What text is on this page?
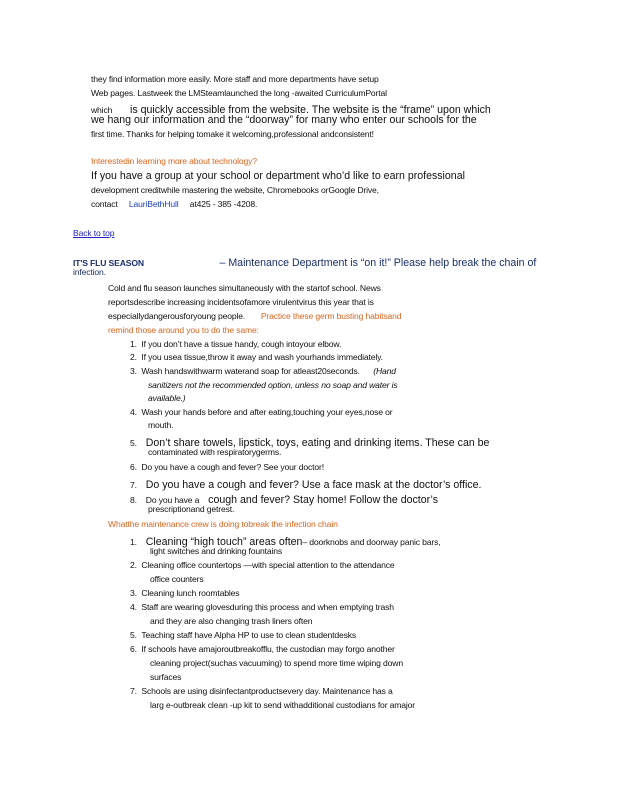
they find information more easily. More staff and more departments have setup
Web pages. Lastweek the LMSteamlaunched the long -awaited CurriculumPortal
which is quickly accessible from the website. The website is the “frame” upon which
we hang our information and the “doorway” for many who enter our schools for the
first time. Thanks for helping tomake it welcoming,professional andconsistent!
Interestedin learning more about technology?
If you have a group at your school or department who’d like to earn professional
development creditwhile mastering the website, Chromebooks orGoogle Drive,
contact LauriBethHull at425 - 385 -4208.
Back to top
IT'S FLU SEASON	– Maintenance Department is “on it!” Please help break the chain of
infection.
Cold and flu season launches simultaneously with the startof school. News
reportsdescribe increasing incidentsofamore virulentvirus this year that is
especiallydangerousforyoung people. Practice these germ busting habitsand
remind those around you to do the same:
1. If you don’t have a tissue handy, cough intoyour elbow.
2. If you usea tissue,throw it away and wash yourhands immediately.
3. Wash handswithwarm waterand soap for atleast20seconds. (Hand
sanitizers not the recommended option, unless no soap and water is
available.)
4. Wash your hands before and after eating,touching your eyes,nose or
mouth.
5. Don’t share towels, lipstick, toys, eating and drinking items. These can be
contaminated with respiratorygerms.
6. Do you have a cough and fever? See your doctor!
7. Do you have a cough and fever? Use a face mask at the doctor’s office.
8. Do you have a cough and fever? Stay home! Follow the doctor’s
prescriptionand getrest.
Whatthe maintenance crew is doing tobreak the infection chain
1. Cleaning “high touch” areas often– doorknobs and doorway panic bars,
light switches and drinking fountains
2. Cleaning office countertops —with special attention to the attendance
office counters
3. Cleaning lunch roomtables
4. Staff are wearing glovesduring this process and when emptying trash
and they are also changing trash liners often
5. Teaching staff have Alpha HP to use to clean studentdesks
6. If schools have amajoroutbreakofflu, the custodian may forgo another
cleaning project(suchas vacuuming) to spend more time wiping down
surfaces
7. Schools are using disinfectantproductsevery day. Maintenance has a
larg e-outbreak clean -up kit to send withadditional custodians for amajor
